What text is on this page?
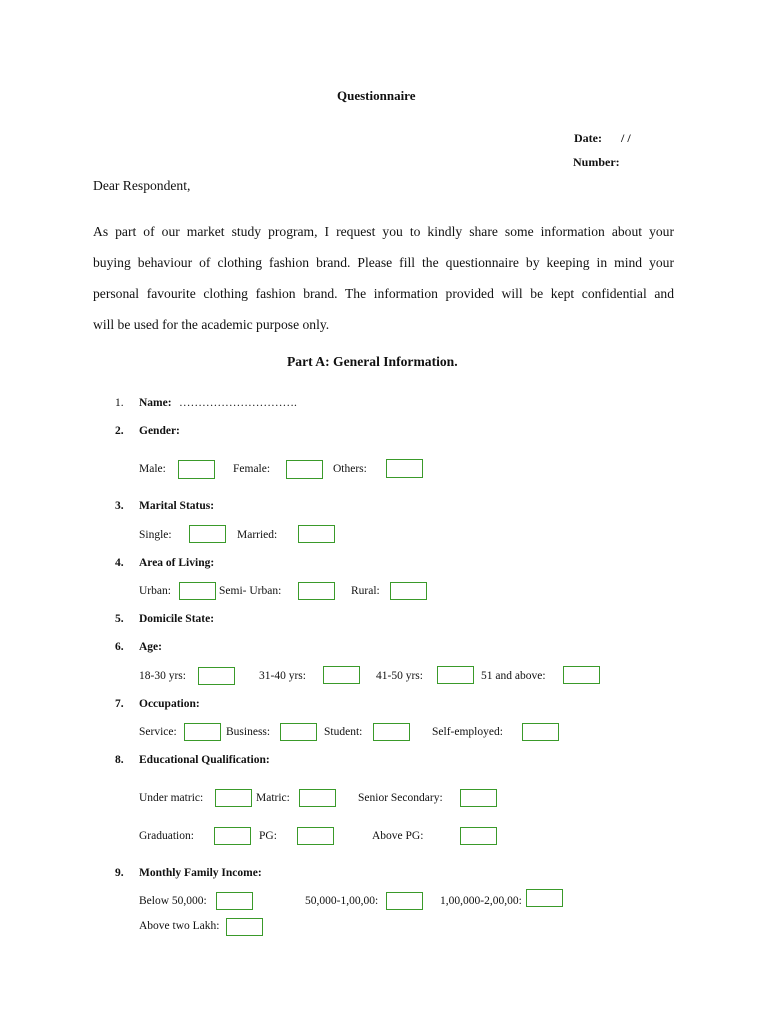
Questionnaire
Date: / /
Number:
Dear Respondent,
As part of our market study program, I request you to kindly share some information about your
buying behaviour of clothing fashion brand. Please fill the questionnaire by keeping in mind your
personal favourite clothing fashion brand. The information provided will be kept confidential and
will be used for the academic purpose only.
Part A: General Information.
1. Name: ………………………….
2. Gender:
Male:	Female:	Others:
3. Marital Status:
Single:	Married:
4. Area of Living:
Urban:	Semi- Urban:	Rural:
5. Domicile State:
6. Age:
18-30 yrs:	31-40 yrs:	41-50 yrs:	51 and above:
7. Occupation:
Service:	Business:	Student:	Self-employed:
8. Educational Qualification:
Under matric:	Matric:	Senior Secondary:
Graduation:	PG:	Above PG:
9. Monthly Family Income:
Below 50,000:	50,000-1,00,00:	1,00,000-2,00,00:
Above two Lakh:
